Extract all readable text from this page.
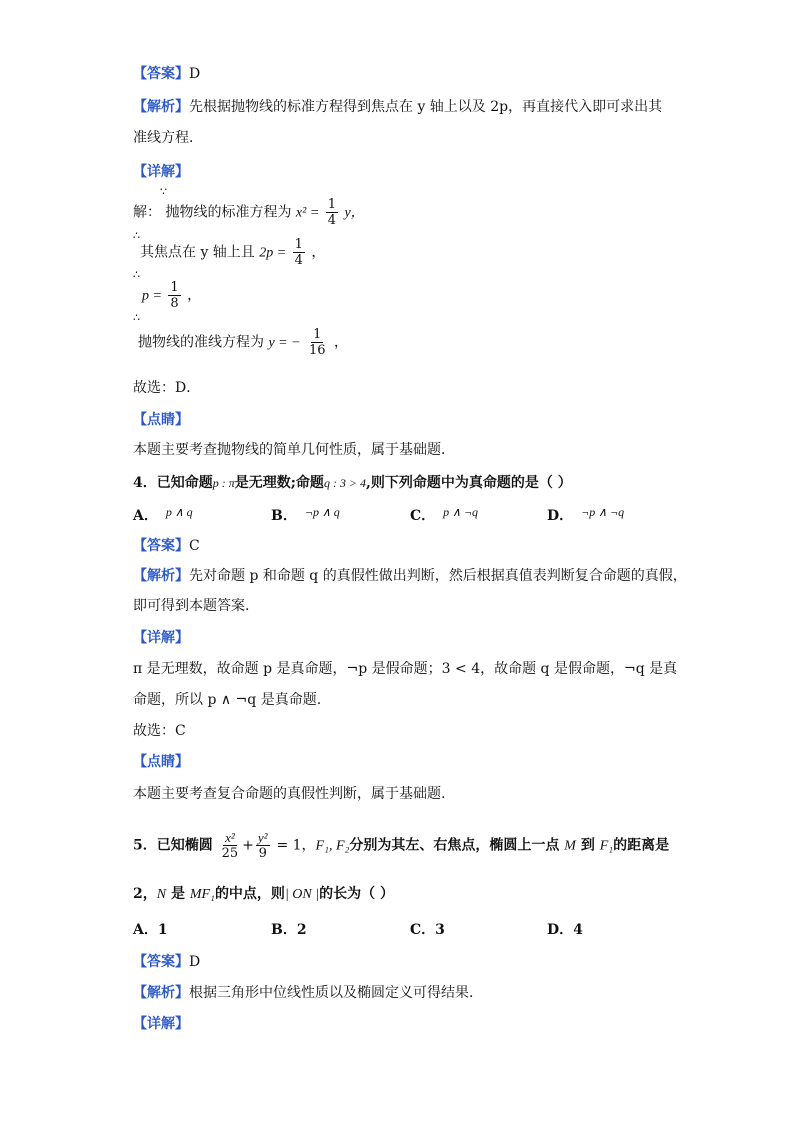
【答案】D
【解析】先根据抛物线的标准方程得到焦点在 y 轴上以及 2p，再直接代入即可求出其
准线方程．
【详解】
∵
解： 抛物线的标准方程为 $x^2 = \frac{1}{4}$ y，
∴
其焦点在 y 轴上且 $2p = \frac{1}{4}$ ，
∴
$p = \frac{1}{8}$ ，
∴
抛物线的准线方程为 y = − $\frac{1}{16}$ ，
故选：D．
【点睛】
本题主要考查抛物线的简单几何性质，属于基础题．
4．已知命题p : π是无理数;命题q : 3 > 4,则下列命题中为真命题的是（ ）
A． p ∧ q	B． ¬p ∧ q	C． p ∧ ¬q	D． ¬p ∧ ¬q
【答案】C
【解析】先对命题 p 和命题 q 的真假性做出判断，然后根据真值表判断复合命题的真假，
即可得到本题答案.
【详解】
π 是无理数，故命题 p 是真命题，¬p 是假命题；3 < 4，故命题 q 是假命题，¬q 是真
命题，所以 p ∧ ¬q 是真命题.
故选：C
【点睛】
本题主要考查复合命题的真假性判断，属于基础题.
5．已知椭圆 $\frac{\text{x²}}{25} + \frac{\text{y²}}{9} = 1$，F₁, F₂分别为其左、右焦点，椭圆上一点 M 到 F₁的距离是
2，N 是 MF₁的中点，则| ON |的长为（ ）
A．1	B．2	C．3	D．4
【答案】D
【解析】根据三角形中位线性质以及椭圆定义可得结果.
【详解】
